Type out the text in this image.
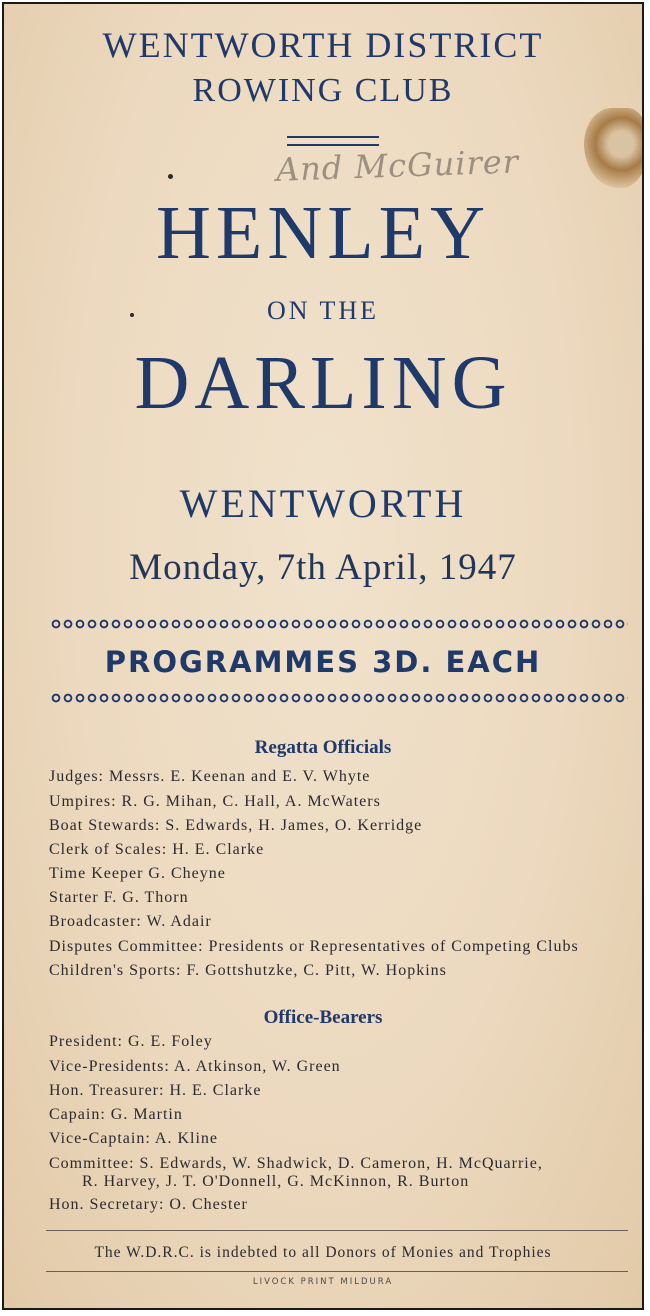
WENTWORTH DISTRICT
ROWING CLUB
And McGuirer
HENLEY
ON THE
DARLING
WENTWORTH
Monday, 7th April, 1947
PROGRAMMES 3D. EACH
Regatta Officials
Judges: Messrs. E. Keenan and E. V. Whyte
Umpires: R. G. Mihan, C. Hall, A. McWaters
Boat Stewards: S. Edwards, H. James, O. Kerridge
Clerk of Scales: H. E. Clarke
Time Keeper G. Cheyne
Starter F. G. Thorn
Broadcaster: W. Adair
Disputes Committee: Presidents or Representatives of Competing Clubs
Children's Sports: F. Gottshutzke, C. Pitt, W. Hopkins
Office-Bearers
President: G. E. Foley
Vice-Presidents: A. Atkinson, W. Green
Hon. Treasurer: H. E. Clarke
Capain: G. Martin
Vice-Captain: A. Kline
Committee: S. Edwards, W. Shadwick, D. Cameron, H. McQuarrie,
R. Harvey, J. T. O'Donnell, G. McKinnon, R. Burton
Hon. Secretary: O. Chester
The W.D.R.C. is indebted to all Donors of Monies and Trophies
LIVOCK PRINT MILDURA
